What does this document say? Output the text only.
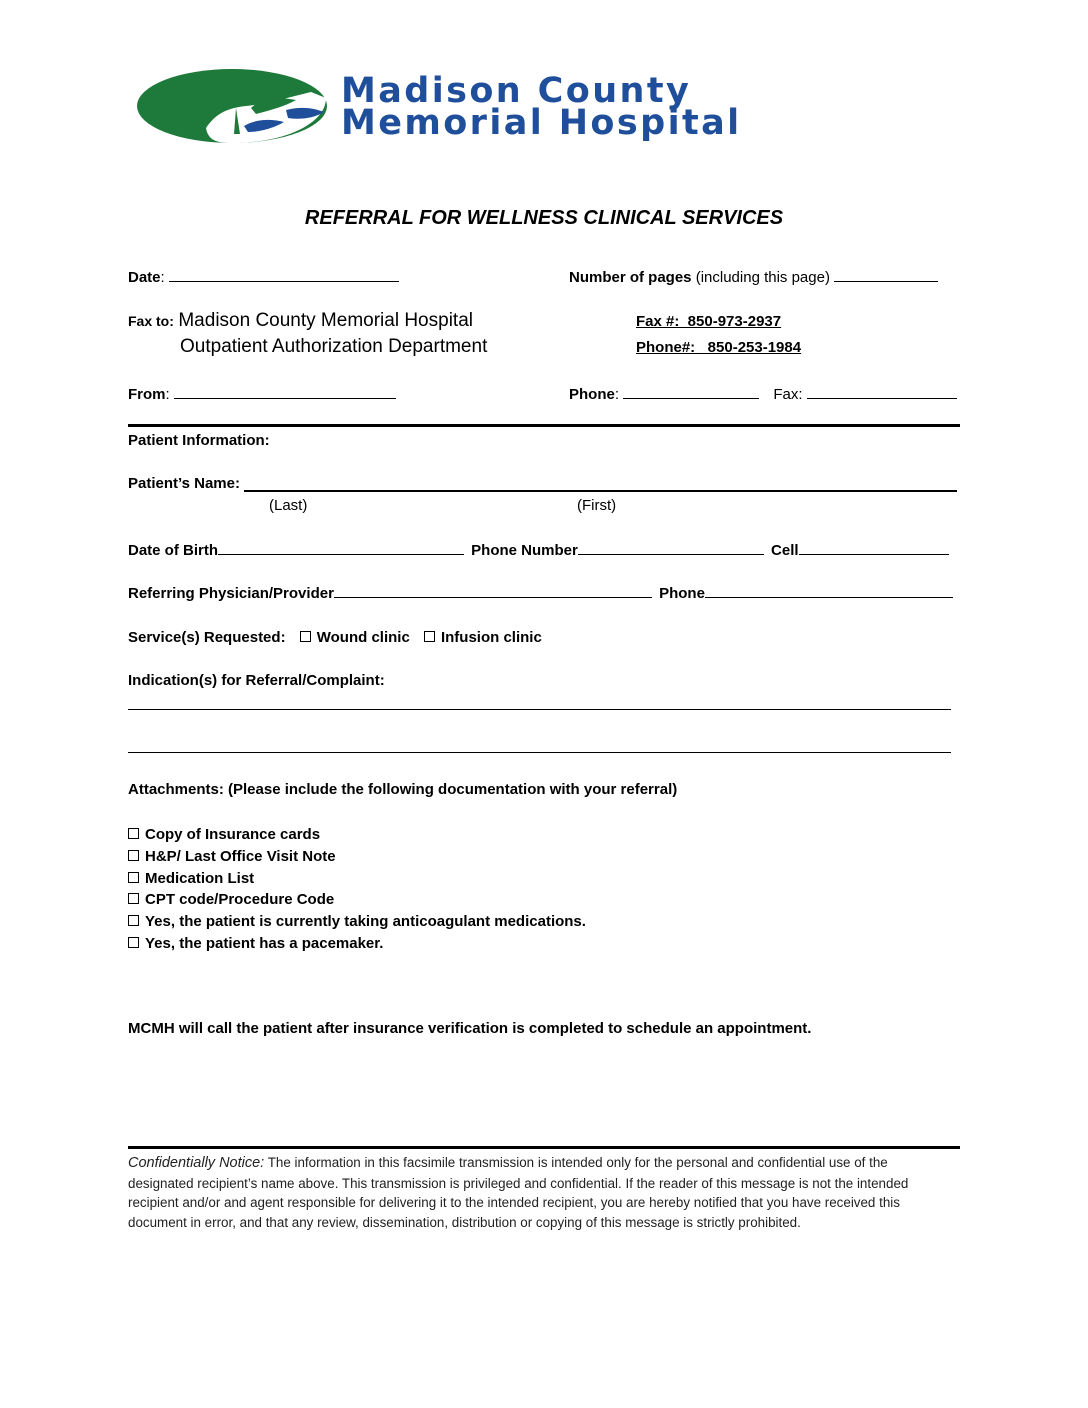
Madison County
Memorial Hospital
REFERRAL FOR WELLNESS CLINICAL SERVICES
Date:	Number of pages (including this page)
Fax to: Madison County Memorial Hospital
Outpatient Authorization Department
Fax #:  850-973-2937
Phone#:   850-253-1984
From:	Phone:	Fax:
Patient Information:
Patient’s Name:
(Last)	(First)
Date of Birth	Phone Number	Cell
Referring Physician/Provider	Phone
Service(s) Requested: Wound clinic Infusion clinic
Indication(s) for Referral/Complaint:
Attachments: (Please include the following documentation with your referral)
Copy of Insurance cards
H&P/ Last Office Visit Note
Medication List
CPT code/Procedure Code
Yes, the patient is currently taking anticoagulant medications.
Yes, the patient has a pacemaker.
MCMH will call the patient after insurance verification is completed to schedule an appointment.
Confidentially Notice: The information in this facsimile transmission is intended only for the personal and confidential use of the designated recipient’s name above. This transmission is privileged and confidential. If the reader of this message is not the intended recipient and/or and agent responsible for delivering it to the intended recipient, you are hereby notified that you have received this document in error, and that any review, dissemination, distribution or copying of this message is strictly prohibited.
